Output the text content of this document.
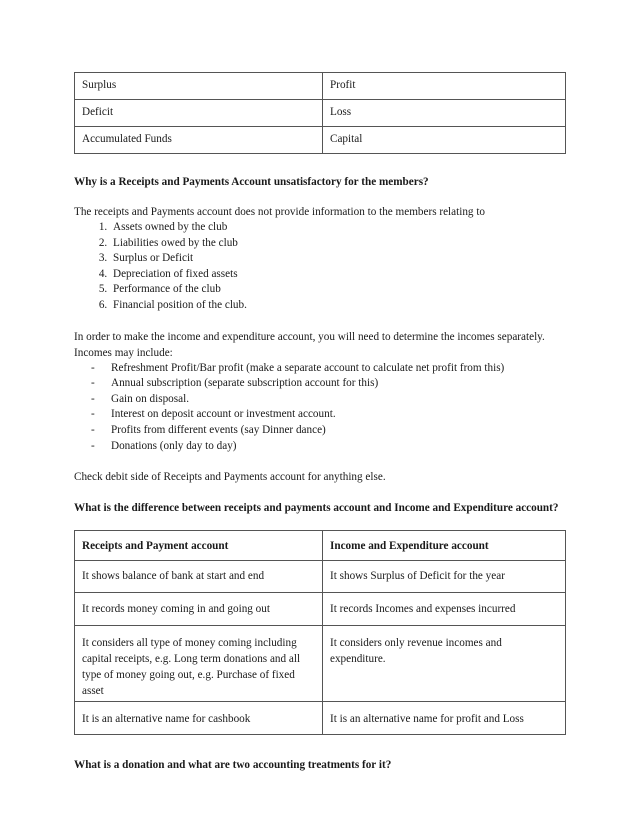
Surplus	Profit
Deficit	Loss
Accumulated Funds	Capital

Why is a Receipts and Payments Account unsatisfactory for the members?

The receipts and Payments account does not provide information to the members relating to

1. Assets owned by the club
2. Liabilities owed by the club
3. Surplus or Deficit
4. Depreciation of fixed assets
5. Performance of the club
6. Financial position of the club.

In order to make the income and expenditure account, you will need to determine the incomes separately. Incomes may include:

- Refreshment Profit/Bar profit (make a separate account to calculate net profit from this)
- Annual subscription (separate subscription account for this)
- Gain on disposal.
- Interest on deposit account or investment account.
- Profits from different events (say Dinner dance)
- Donations (only day to day)

Check debit side of Receipts and Payments account for anything else.

What is the difference between receipts and payments account and Income and Expenditure account?

Receipts and Payment account	Income and Expenditure account
It shows balance of bank at start and end	It shows Surplus of Deficit for the year
It records money coming in and going out	It records Incomes and expenses incurred
It considers all type of money coming including capital receipts, e.g. Long term donations and all type of money going out, e.g. Purchase of fixed asset	It considers only revenue incomes and expenditure.
It is an alternative name for cashbook	It is an alternative name for profit and Loss

What is a donation and what are two accounting treatments for it?
